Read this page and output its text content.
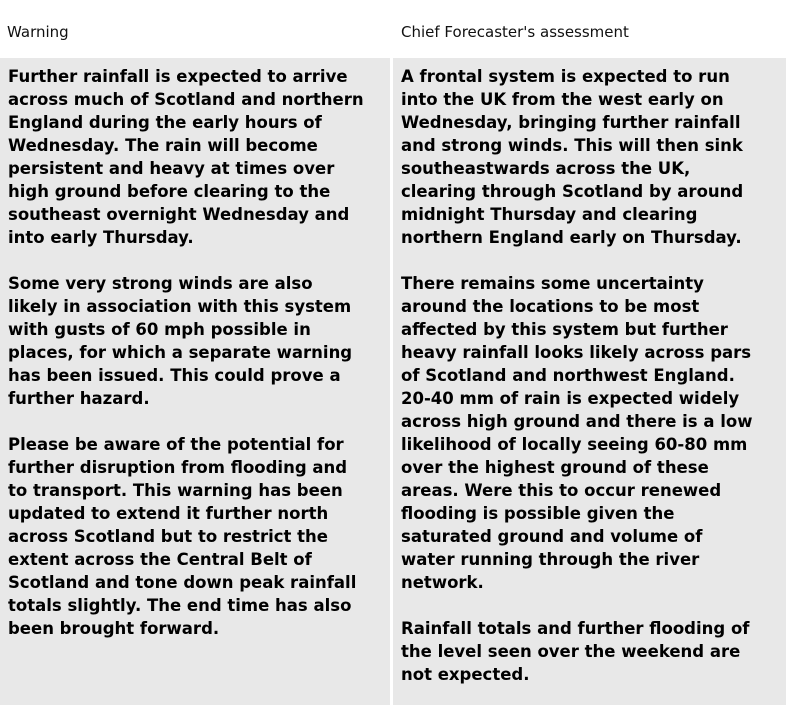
Warning
Further rainfall is expected to arrive
across much of Scotland and northern
England during the early hours of
Wednesday. The rain will become
persistent and heavy at times over
high ground before clearing to the
southeast overnight Wednesday and
into early Thursday.
Some very strong winds are also
likely in association with this system
with gusts of 60 mph possible in
places, for which a separate warning
has been issued. This could prove a
further hazard.
Please be aware of the potential for
further disruption from flooding and
to transport. This warning has been
updated to extend it further north
across Scotland but to restrict the
extent across the Central Belt of
Scotland and tone down peak rainfall
totals slightly. The end time has also
been brought forward.
Chief Forecaster's assessment
A frontal system is expected to run
into the UK from the west early on
Wednesday, bringing further rainfall
and strong winds. This will then sink
southeastwards across the UK,
clearing through Scotland by around
midnight Thursday and clearing
northern England early on Thursday.
There remains some uncertainty
around the locations to be most
affected by this system but further
heavy rainfall looks likely across pars
of Scotland and northwest England.
20-40 mm of rain is expected widely
across high ground and there is a low
likelihood of locally seeing 60-80 mm
over the highest ground of these
areas. Were this to occur renewed
flooding is possible given the
saturated ground and volume of
water running through the river
network.
Rainfall totals and further flooding of
the level seen over the weekend are
not expected.
